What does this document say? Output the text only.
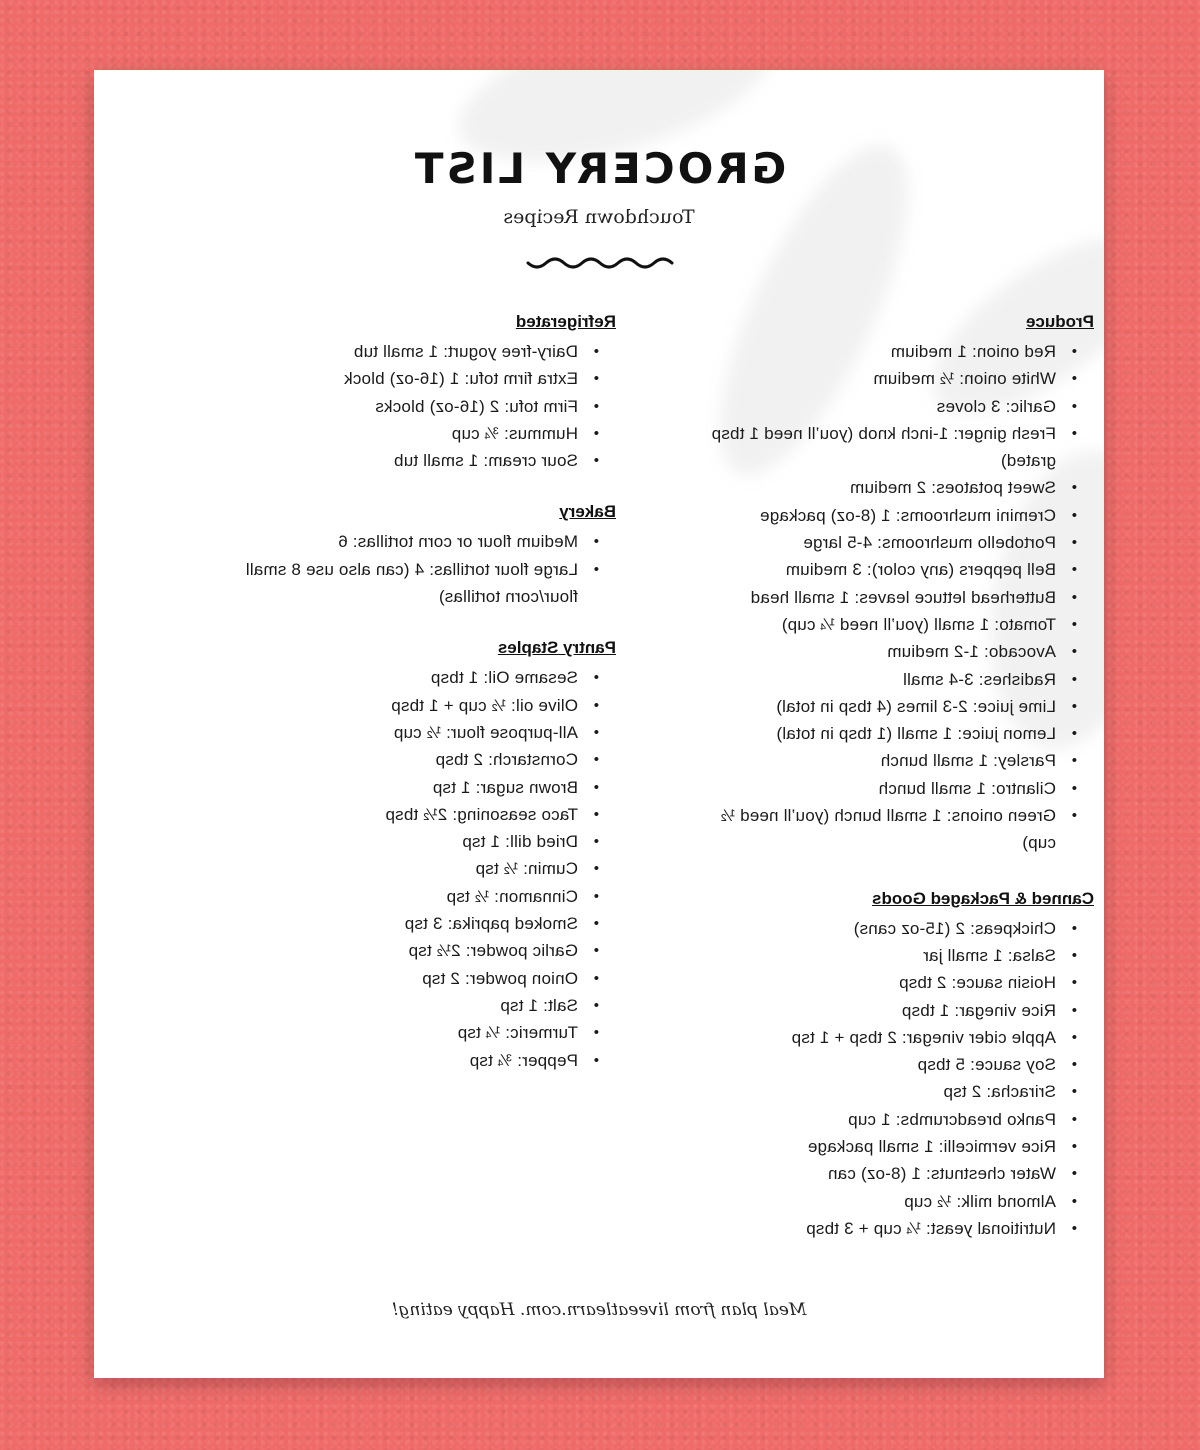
GROCERY LIST
Touchdown Recipes
Produce
• Red onion: 1 medium
• White onion: ½ medium
• Garlic: 3 cloves
• Fresh ginger: 1-inch knob (you’ll need 1 tbsp grated)
• Sweet potatoes: 2 medium
• Cremini mushrooms: 1 (8-oz) package
• Portobello mushrooms: 4-5 large
• Bell peppers (any color): 3 medium
• Butterhead lettuce leaves: 1 small head
• Tomato: 1 small (you’ll need ¼ cup)
• Avocado: 1-2 medium
• Radishes: 3-4 small
• Lime juice: 2-3 limes (4 tbsp in total)
• Lemon juice: 1 small (1 tbsp in total)
• Parsley: 1 small bunch
• Cilantro: 1 small bunch
• Green onions: 1 small bunch (you’ll need ½ cup)
Canned & Packaged Goods
• Chickpeas: 2 (15-oz cans)
• Salsa: 1 small jar
• Hoisin sauce: 2 tbsp
• Rice vinegar: 1 tbsp
• Apple cider vinegar: 2 tbsp + 1 tsp
• Soy sauce: 5 tbsp
• Sriracha: 2 tsp
• Panko breadcrumbs: 1 cup
• Rice vermicelli: 1 small package
• Water chestnuts: 1 (8-oz) can
• Almond milk: ½ cup
• Nutritional yeast: ¼ cup + 3 tbsp
Refrigerated
• Dairy-free yogurt: 1 small tub
• Extra firm tofu: 1 (16-oz) block
• Firm tofu: 2 (16-oz) blocks
• Hummus: ¾ cup
• Sour cream: 1 small tub
Bakery
• Medium flour or corn tortillas: 6
• Large flour tortillas: 4 (can also use 8 small flour/corn tortillas)
Pantry Staples
• Sesame Oil: 1 tbsp
• Olive oil: ½ cup + 1 tbsp
• All-purpose flour: ½ cup
• Cornstarch: 2 tbsp
• Brown sugar: 1 tsp
• Taco seasoning: 2½ tbsp
• Dried dill: 1 tsp
• Cumin: ½ tsp
• Cinnamon: ½ tsp
• Smoked paprika: 3 tsp
• Garlic powder: 2½ tsp
• Onion powder: 2 tsp
• Salt: 1 tsp
• Turmeric: ¼ tsp
• Pepper: ¾ tsp
Meal plan from liveeatlearn.com. Happy eating!
